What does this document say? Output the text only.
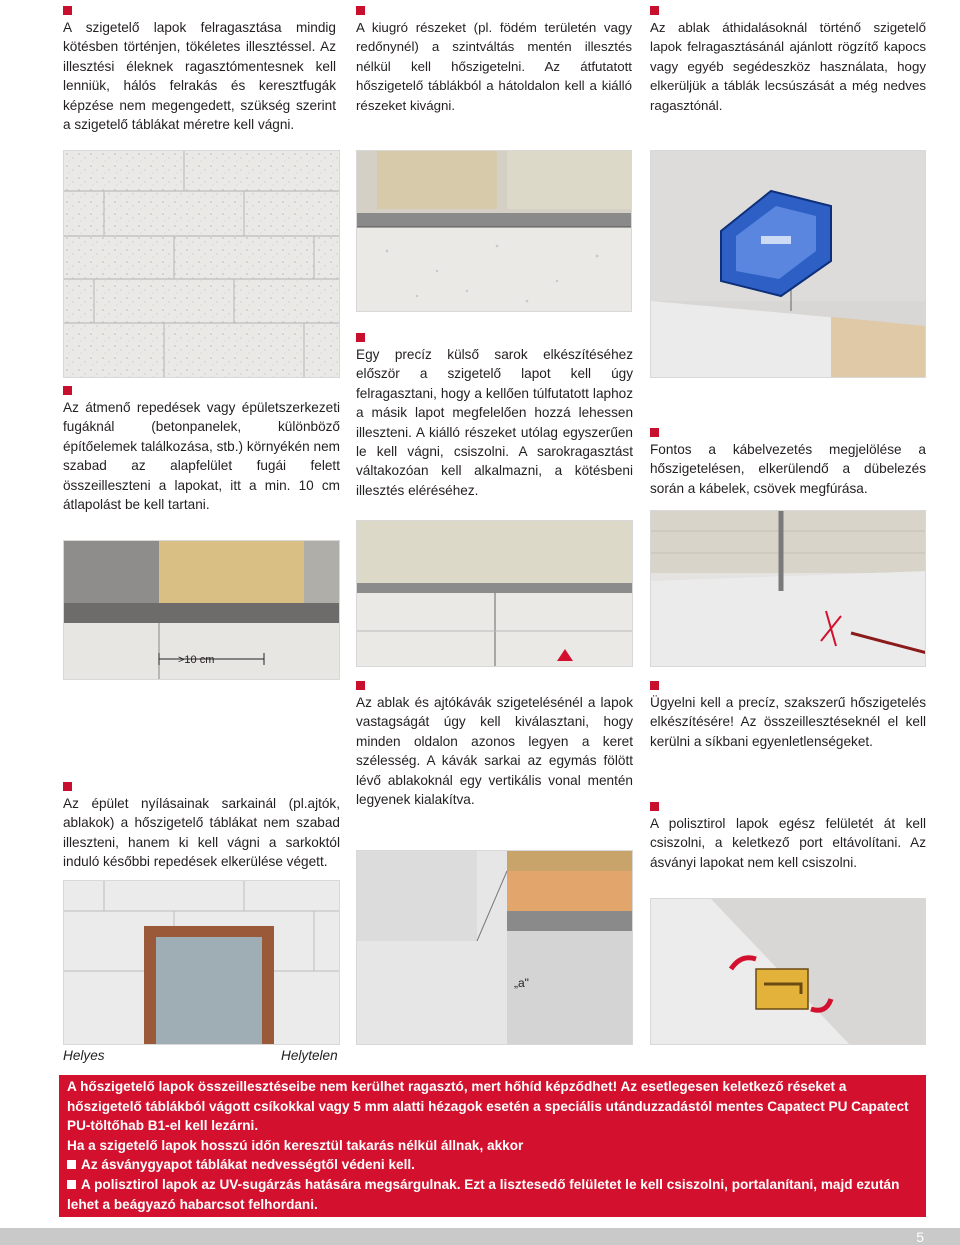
A szigetelő lapok felragasztása mindig kötésben történjen, tökéletes illesztéssel. Az illesztési éleknek ragasztómentesnek kell lenniük, hálós felrakás és keresztfugák képzése nem megengedett, szükség szerint a szigetelő táblákat méretre kell vágni.

A kiugró részeket (pl. födém területén vagy redőnynél) a szintváltás mentén illesztés nélkül kell hőszigetelni. Az átfutatott hőszigetelő táblákból a hátoldalon kell a kiálló részeket kivágni.

Az ablak áthidalásoknál történő szigetelő lapok felragasztásánál ajánlott rögzítő kapocs vagy egyéb segédeszköz használata, hogy elkerüljük a táblák lecsúszását a még nedves ragasztónál.

Az átmenő repedések vagy épületszerkezeti fugáknál (betonpanelek, különböző építőelemek találkozása, stb.) környékén nem szabad az alapfelület fugái felett összeilleszteni a lapokat, itt a min. 10 cm átlapolást be kell tartani.

Egy precíz külső sarok elkészítéséhez először a szigetelő lapot kell úgy felragasztani, hogy a kellően túlfutatott laphoz a másik lapot megfelelően hozzá lehessen illeszteni. A kiálló részeket utólag egyszerűen le kell vágni, csiszolni. A sarokragasztást váltakozóan kell alkalmazni, a kötésbeni illesztés eléréséhez.

Fontos a kábelvezetés megjelölése a hőszigetelésen, elkerülendő a dübelezés során a kábelek, csövek megfúrása.

>10 cm

Az épület nyílásainak sarkainál (pl.ajtók, ablakok) a hőszigetelő táblákat nem szabad illeszteni, hanem ki kell vágni a sarkoktól induló későbbi repedések elkerülése végett.

Az ablak és ajtókávák szigetelésénél a lapok vastagságát úgy kell kiválasztani, hogy minden oldalon azonos legyen a keret szélesség. A kávák sarkai az egymás fölött lévő ablakoknál egy vertikális vonal mentén legyenek kialakítva.

Ügyelni kell a precíz, szakszerű hőszigetelés elkészítésére! Az összeillesztéseknél el kell kerülni a síkbani egyenletlenségeket.

A polisztirol lapok egész felületét át kell csiszolni, a keletkező port eltávolítani. Az ásványi lapokat nem kell csiszolni.

„a"
Helyes	Helytelen
A hőszigetelő lapok összeillesztéseibe nem kerülhet ragasztó, mert hőhíd képződhet! Az esetlegesen keletkező réseket a hőszigetelő táblákból vágott csíkokkal vagy 5 mm alatti hézagok esetén a speciális utánduzzadástól mentes Capatect PU Capatect PU-töltőhab B1-el kell lezárni.
Ha a szigetelő lapok hosszú időn keresztül takarás nélkül állnak, akkor
Az ásványgyapot táblákat nedvességtől védeni kell.
A polisztirol lapok az UV-sugárzás hatására megsárgulnak. Ezt a lisztesedő felületet le kell csiszolni, portalanítani, majd ezután lehet a beágyazó habarcsot felhordani.
5
